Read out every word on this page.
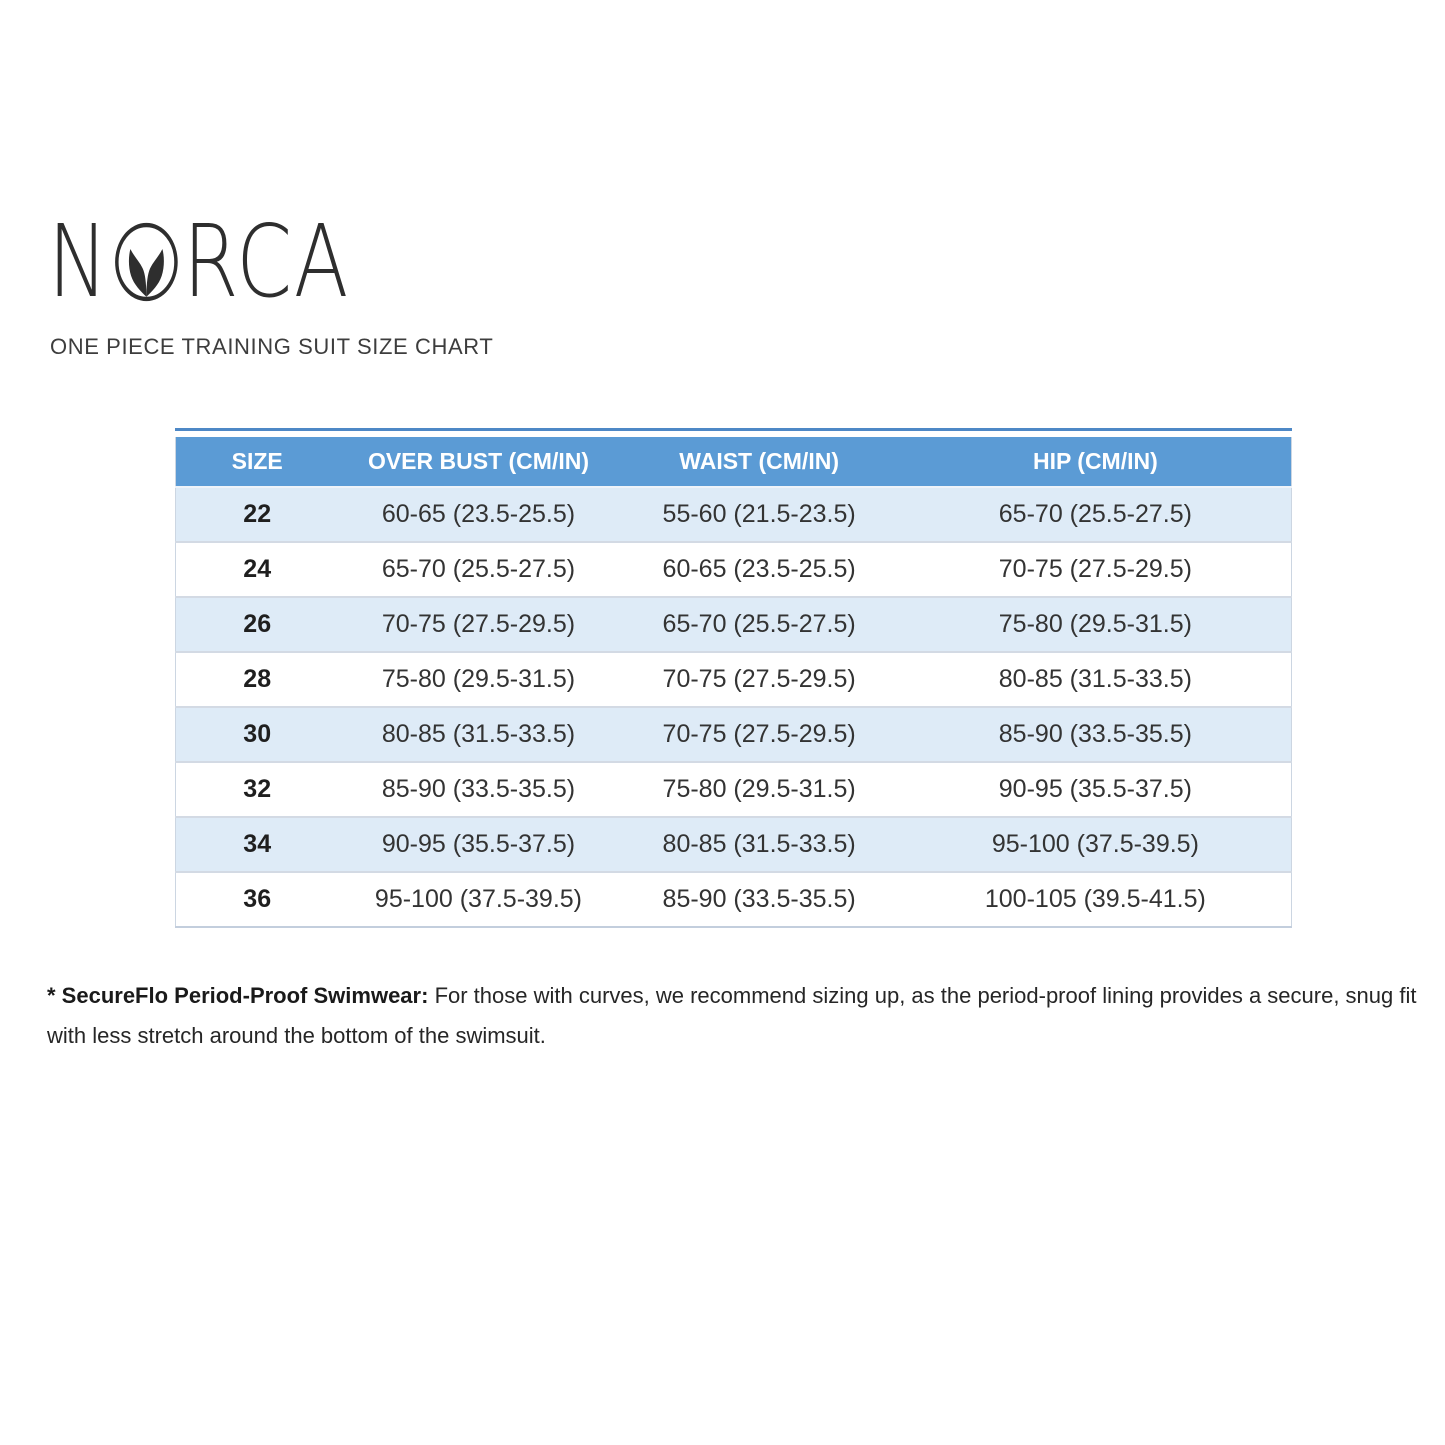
N RCA
ONE PIECE TRAINING SUIT SIZE CHART
SIZE	OVER BUST (CM/IN)	WAIST (CM/IN)	HIP (CM/IN)
22	60-65 (23.5-25.5)	55-60 (21.5-23.5)	65-70 (25.5-27.5)
24	65-70 (25.5-27.5)	60-65 (23.5-25.5)	70-75 (27.5-29.5)
26	70-75 (27.5-29.5)	65-70 (25.5-27.5)	75-80 (29.5-31.5)
28	75-80 (29.5-31.5)	70-75 (27.5-29.5)	80-85 (31.5-33.5)
30	80-85 (31.5-33.5)	70-75 (27.5-29.5)	85-90 (33.5-35.5)
32	85-90 (33.5-35.5)	75-80 (29.5-31.5)	90-95 (35.5-37.5)
34	90-95 (35.5-37.5)	80-85 (31.5-33.5)	95-100 (37.5-39.5)
36	95-100 (37.5-39.5)	85-90 (33.5-35.5)	100-105 (39.5-41.5)

* SecureFlo Period-Proof Swimwear: For those with curves, we recommend sizing up, as the period-proof lining provides a secure, snug fit with less stretch around the bottom of the swimsuit.
